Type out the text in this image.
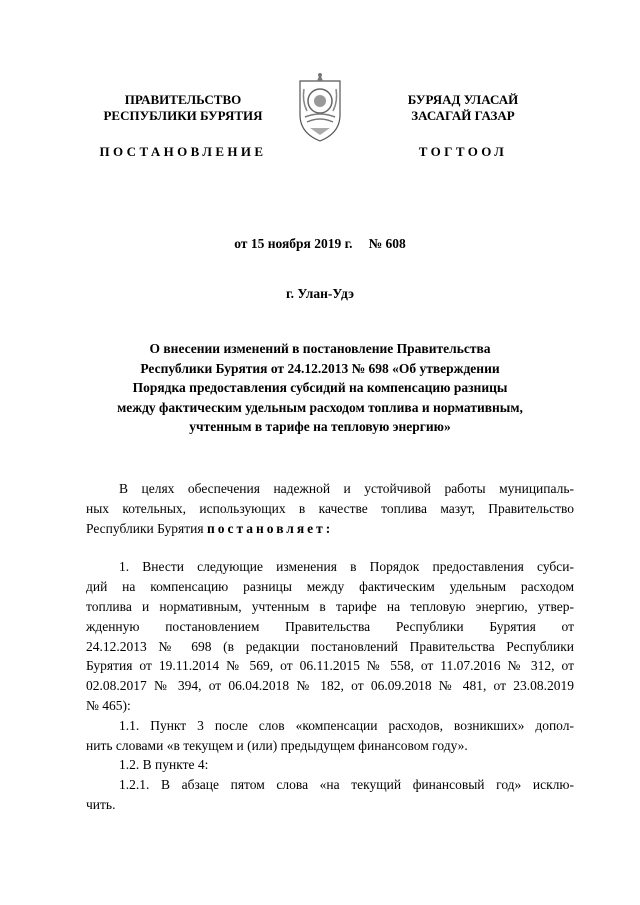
ПРАВИТЕЛЬСТВО
РЕСПУБЛИКИ БУРЯТИЯ
ПОСТАНОВЛЕНИЕ
БУРЯАД УЛАСАЙ
ЗАСАГАЙ ГАЗАР
ТОГТООЛ
от 15 ноября 2019 г. № 608
г. Улан-Удэ
О внесении изменений в постановление Правительства
Республики Бурятия от 24.12.2013 № 698 «Об утверждении
Порядка предоставления субсидий на компенсацию разницы
между фактическим удельным расходом топлива и нормативным,
учтенным в тарифе на тепловую энергию»

В целях обеспечения надежной и устойчивой работы муниципаль-
ных котельных, использующих в качестве топлива мазут, Правительство
Республики Бурятия постановляет:

1. Внести следующие изменения в Порядок предоставления субси-
дий на компенсацию разницы между фактическим удельным расходом
топлива и нормативным, учтенным в тарифе на тепловую энергию, утвер-
жденную постановлением Правительства Республики Бурятия от
24.12.2013 № 698 (в редакции постановлений Правительства Республики
Бурятия от 19.11.2014 № 569, от 06.11.2015 № 558, от 11.07.2016 № 312, от
02.08.2017 № 394, от 06.04.2018 № 182, от 06.09.2018 № 481, от 23.08.2019
№ 465):

1.1. Пункт 3 после слов «компенсации расходов, возникших» допол-
нить словами «в текущем и (или) предыдущем финансовом году».

1.2. В пункте 4:

1.2.1. В абзаце пятом слова «на текущий финансовый год» исклю-
чить.
